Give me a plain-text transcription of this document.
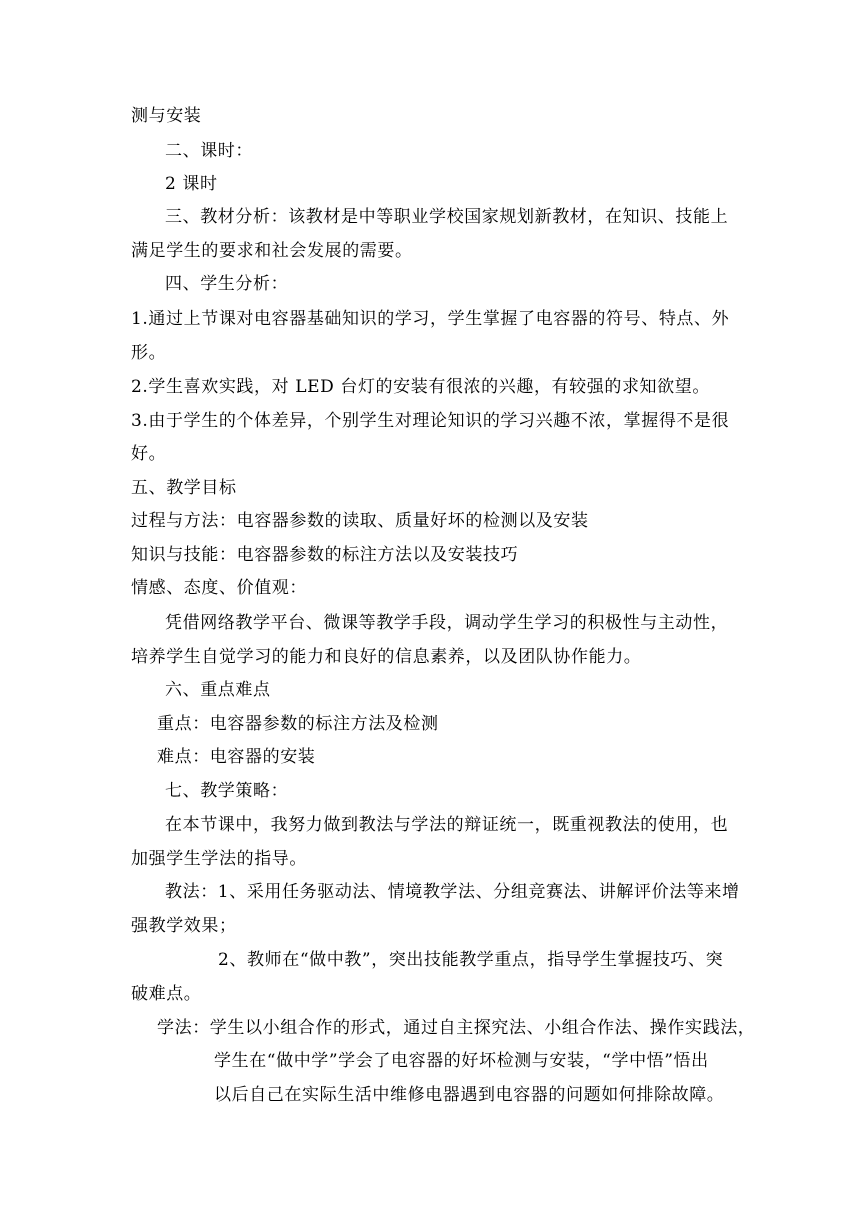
测与安装
二、课时：
2 课时
三、教材分析：该教材是中等职业学校国家规划新教材，在知识、技能上
满足学生的要求和社会发展的需要。
四、学生分析：
1.通过上节课对电容器基础知识的学习，学生掌握了电容器的符号、特点、外
形。
2.学生喜欢实践，对 LED 台灯的安装有很浓的兴趣，有较强的求知欲望。
3.由于学生的个体差异，个别学生对理论知识的学习兴趣不浓，掌握得不是很
好。
五、教学目标
过程与方法：电容器参数的读取、质量好坏的检测以及安装
知识与技能：电容器参数的标注方法以及安装技巧
情感、态度、价值观：
凭借网络教学平台、微课等教学手段，调动学生学习的积极性与主动性，
培养学生自觉学习的能力和良好的信息素养，以及团队协作能力。
六、重点难点
重点：电容器参数的标注方法及检测
难点：电容器的安装
七、教学策略：
在本节课中，我努力做到教法与学法的辩证统一，既重视教法的使用，也
加强学生学法的指导。
教法：1、采用任务驱动法、情境教学法、分组竞赛法、讲解评价法等来增
强教学效果；
2、教师在“做中教”，突出技能教学重点，指导学生掌握技巧、突
破难点。
学法：学生以小组合作的形式，通过自主探究法、小组合作法、操作实践法，
学生在“做中学”学会了电容器的好坏检测与安装，“学中悟”悟出
以后自己在实际生活中维修电器遇到电容器的问题如何排除故障。
